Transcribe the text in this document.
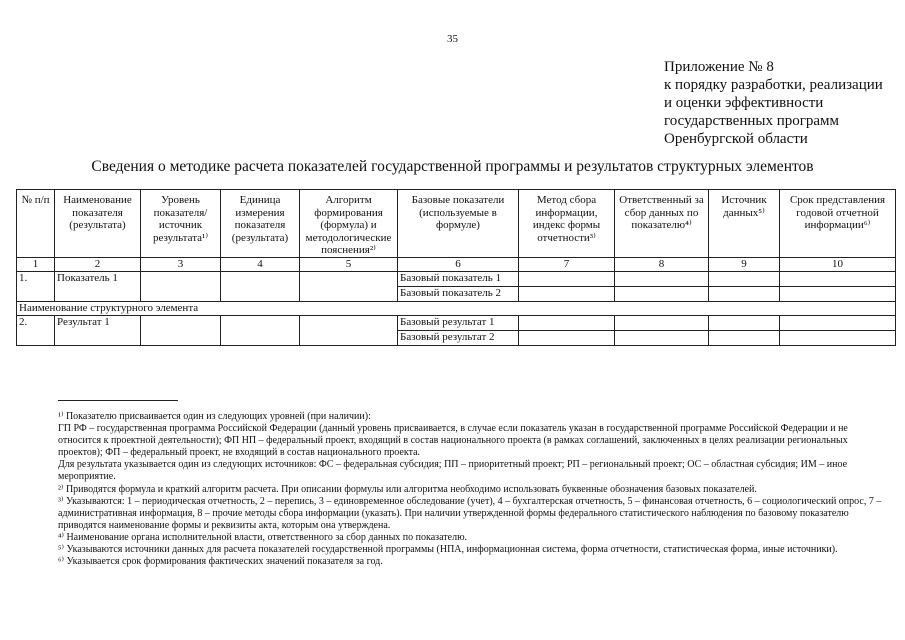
35
Приложение № 8
к порядку разработки, реализации
и оценки эффективности
государственных программ
Оренбургской области
Сведения о методике расчета показателей государственной программы и результатов структурных элементов
№ п/п	Наименование показателя (результата)	Уровень показателя/источник результата¹⁾	Единица измерения показателя (результата)	Алгоритм формирования (формула) и методологические пояснения²⁾	Базовые показатели (используемые в формуле)	Метод сбора информации, индекс формы отчетности³⁾	Ответственный за сбор данных по показателю⁴⁾	Источник данных⁵⁾	Срок представления годовой отчетной информации⁶⁾
1	2	3	4	5	6	7	8	9	10
1.	Показатель 1				Базовый показатель 1				
					Базовый показатель 2				
Наименование структурного элемента									
2.	Результат 1				Базовый результат 1				
					Базовый результат 2				

¹⁾ Показателю присваивается один из следующих уровней (при наличии):

ГП РФ – государственная программа Российской Федерации (данный уровень присваивается, в случае если показатель указан в государственной программе Российской Федерации и не относится к проектной деятельности); ФП НП – федеральный проект, входящий в состав национального проекта (в рамках соглашений, заключенных в целях реализации региональных проектов); ФП – федеральный проект, не входящий в состав национального проекта.

Для результата указывается один из следующих источников: ФС – федеральная субсидия; ПП – приоритетный проект; РП – региональный проект; ОС – областная субсидия; ИМ – иное мероприятие.

²⁾ Приводятся формула и краткий алгоритм расчета. При описании формулы или алгоритма необходимо использовать буквенные обозначения базовых показателей.

³⁾ Указываются: 1 – периодическая отчетность, 2 – перепись, 3 – единовременное обследование (учет), 4 – бухгалтерская отчетность, 5 – финансовая отчетность, 6 – социологический опрос, 7 – административная информация, 8 – прочие методы сбора информации (указать). При наличии утвержденной формы федерального статистического наблюдения по базовому показателю приводятся наименование формы и реквизиты акта, которым она утверждена.

⁴⁾ Наименование органа исполнительной власти, ответственного за сбор данных по показателю.

⁵⁾ Указываются источники данных для расчета показателей государственной программы (НПА, информационная система, форма отчетности, статистическая форма, иные источники).

⁶⁾ Указывается срок формирования фактических значений показателя за год.
